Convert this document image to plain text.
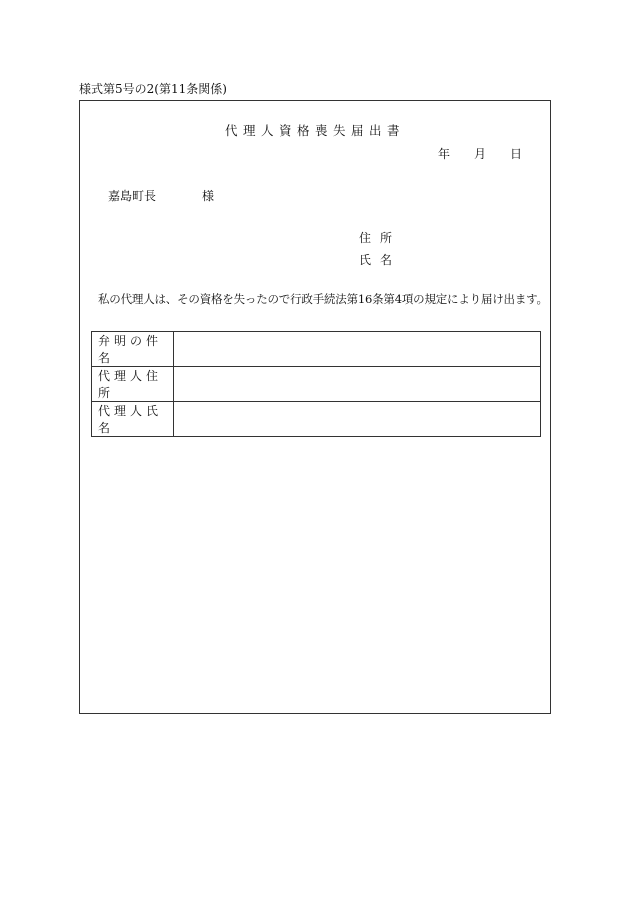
様式第5号の2(第11条関係)
代理人資格喪失届出書
年 月 日
嘉島町長	様
住所
氏名
私の代理人は、その資格を失ったので行政手続法第16条第4項の規定により届け出ます。
弁明の件名	
代理人住所	
代理人氏名	
